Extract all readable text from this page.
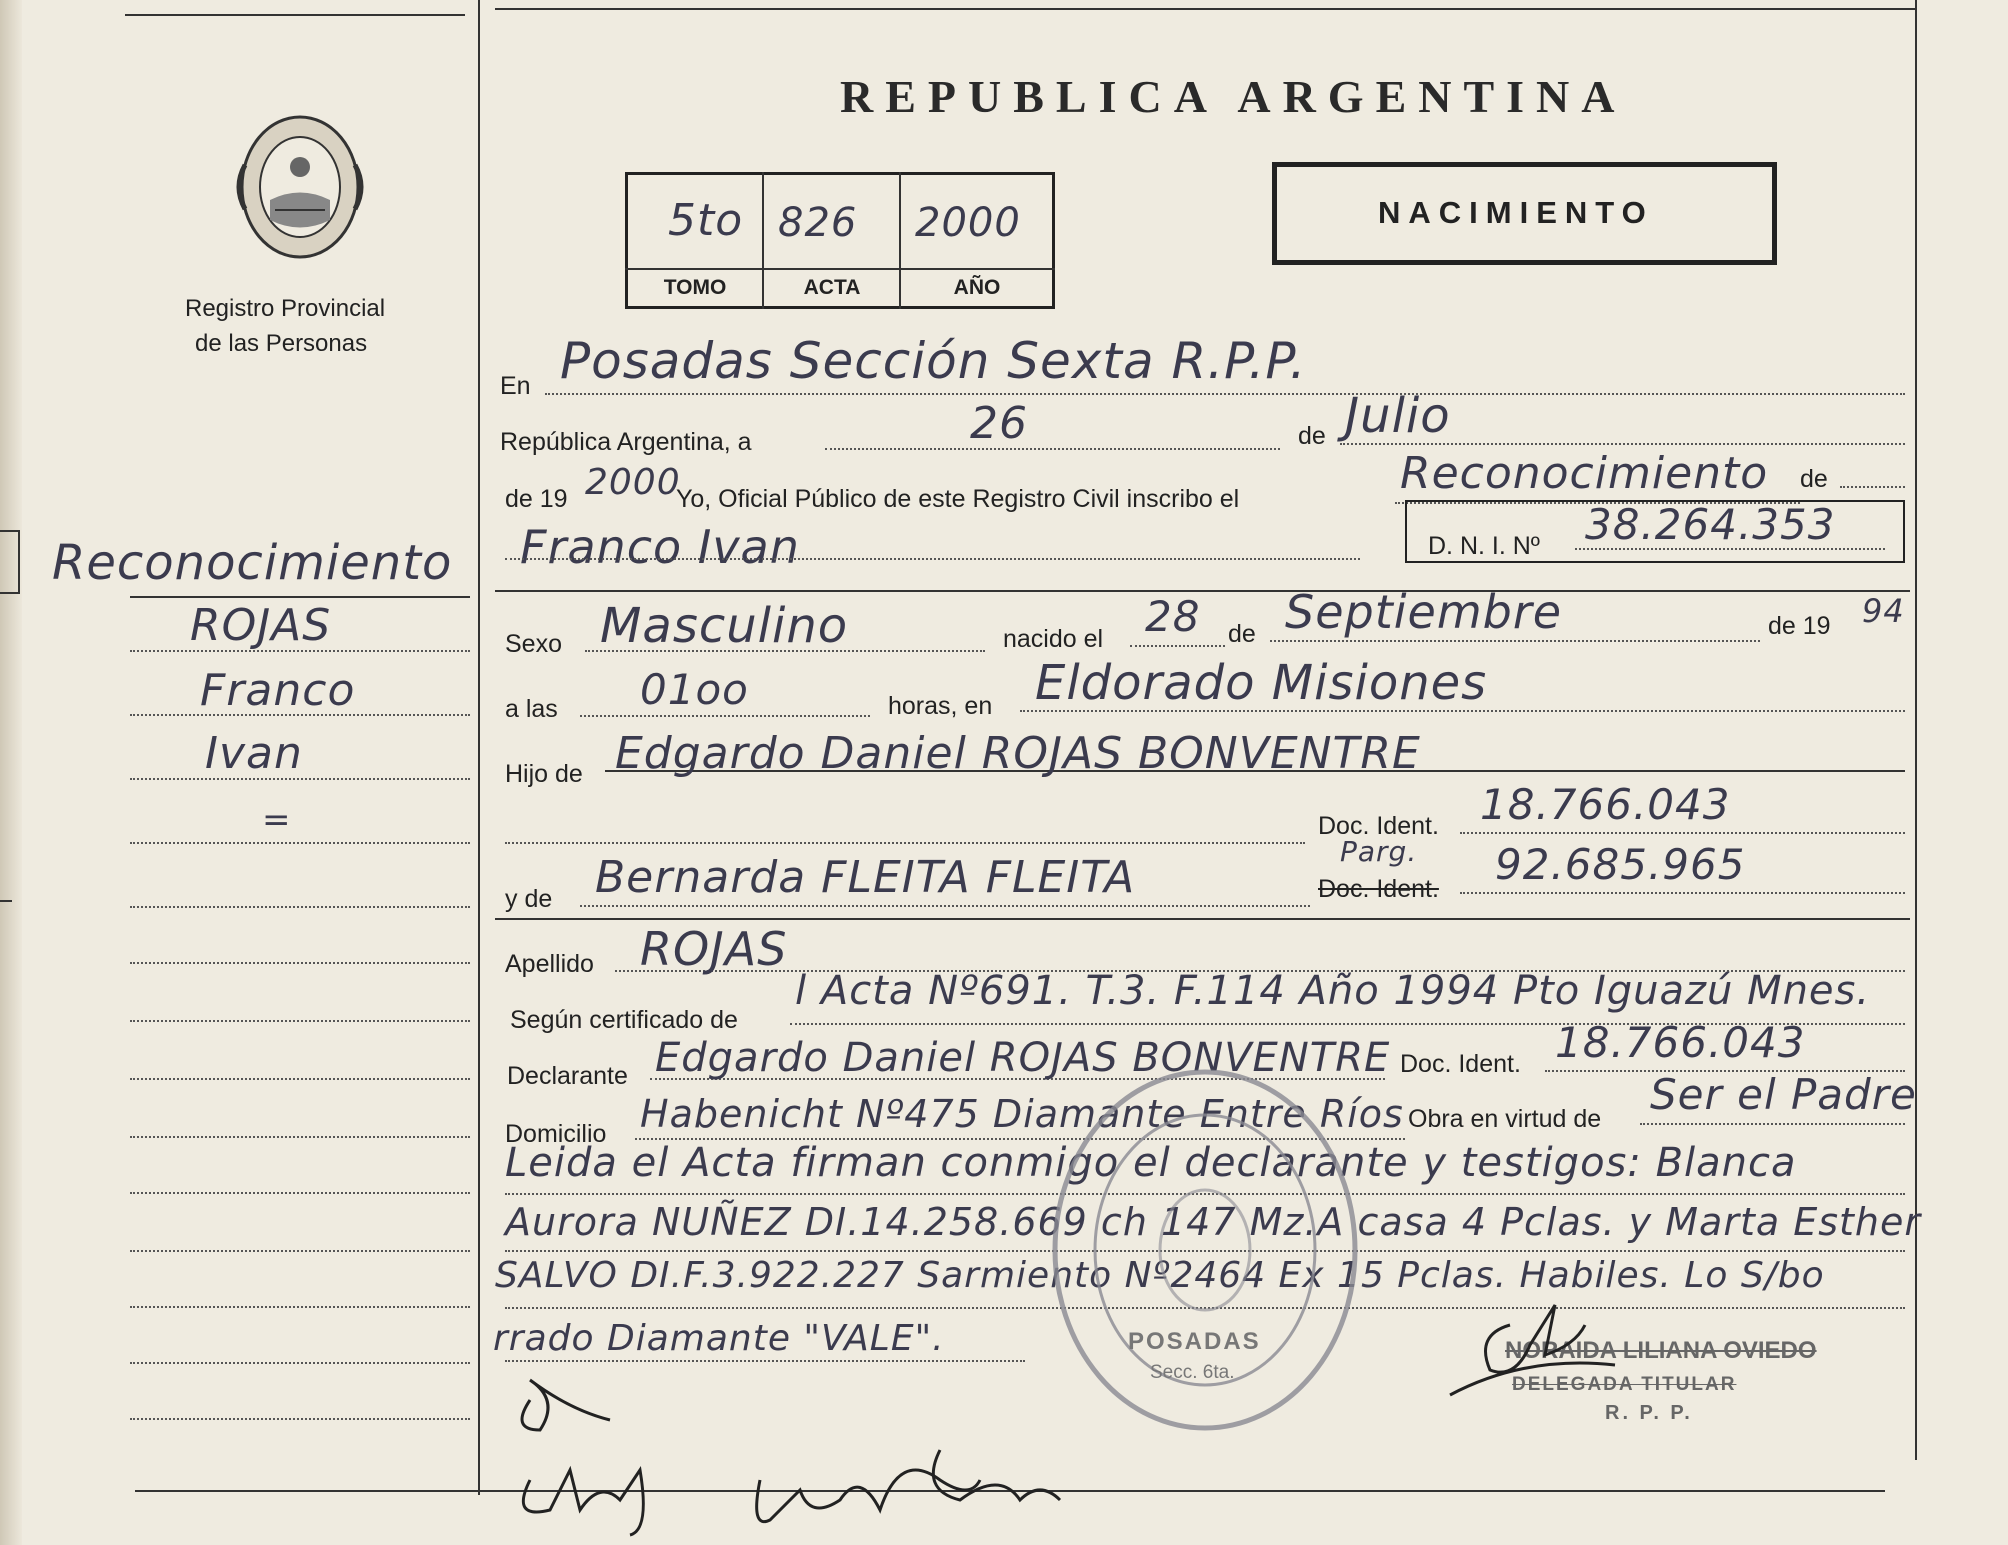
Registro Provincial
de las Personas
REPUBLICA ARGENTINA
5to 826 2000
TOMO	ACTA	AÑO
NACIMIENTO
En Posadas Sección Sexta R.P.P.
República Argentina, a	26	de Julio
de 19 2000
Yo, Oficial Público de este Registro Civil inscribo el	Reconocimiento de
Franco Ivan	D. N. I. Nº 38.264.353
Sexo Masculino	nacido el 28 de Septiembre	de 19 94
a las 01oo	horas, en Eldorado Misiones
Hijo de Edgardo Daniel ROJAS BONVENTRE
Doc. Ident. 18.766.043
y de Bernarda FLEITA FLEITA
Parg.
Doc. Ident. 92.685.965
Apellido ROJAS
Según certificado de
l Acta Nº691. T.3. F.114 Año 1994 Pto Iguazú Mnes.
Declarante Edgardo Daniel ROJAS BONVENTRE Doc. Ident. 18.766.043
Domicilio Habenicht Nº475 Diamante Entre Ríos Obra en virtud de Ser el Padre
Leida el Acta firman conmigo el declarante y testigos: Blanca
Aurora NUÑEZ DI.14.258.669 ch 147 Mz.A casa 4 Pclas. y Marta Esther
SALVO DI.F.3.922.227 Sarmiento Nº2464 Ex 15 Pclas. Habiles. Lo S/bo
rrado Diamante "VALE".	POSADAS
Secc. 6ta.
NORAIDA LILIANA OVIEDO
DELEGADA TITULAR
R. P. P.
Reconocimiento
ROJAS
Franco
Ivan
=
